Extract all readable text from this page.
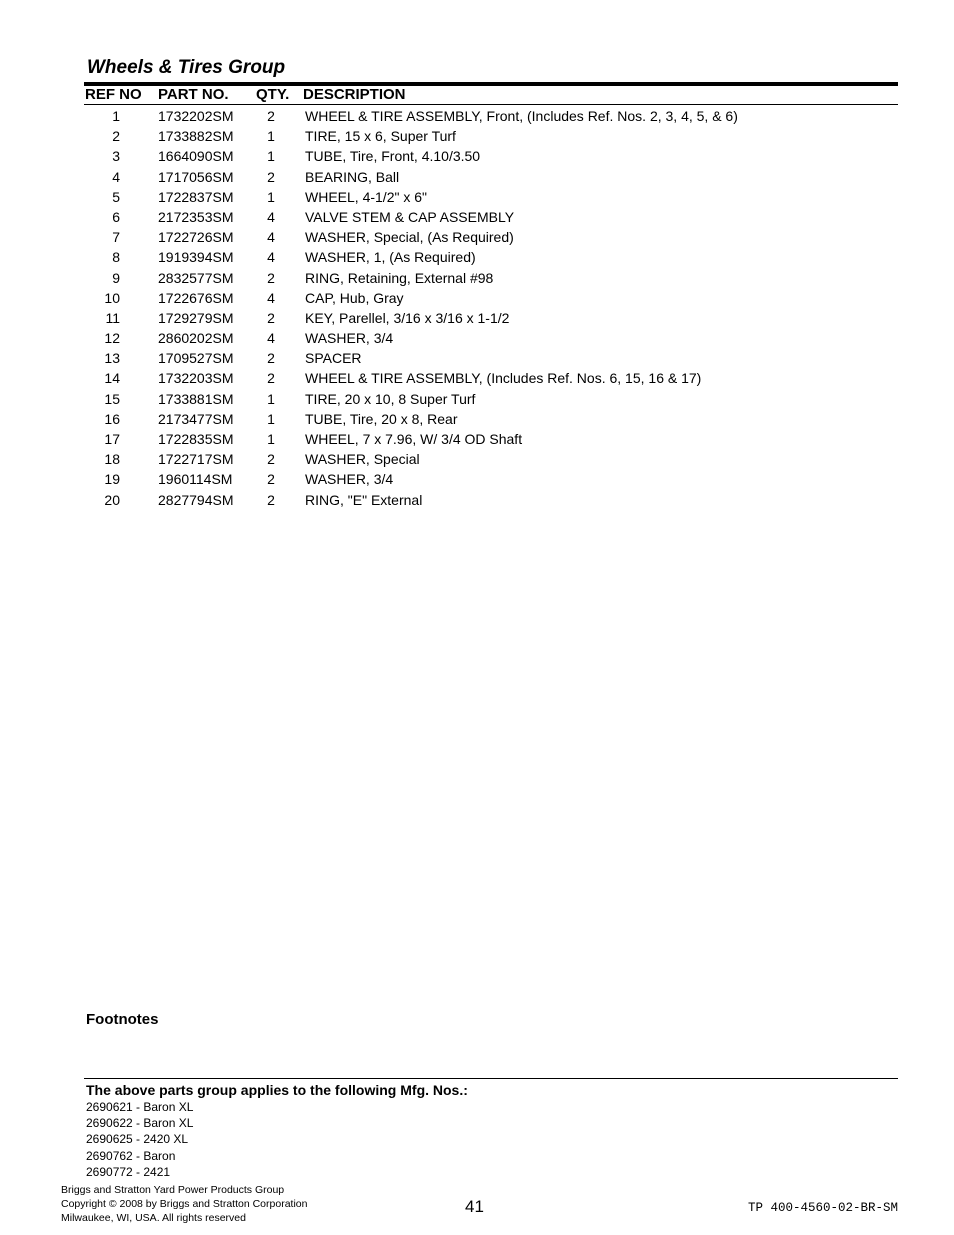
Wheels & Tires Group
REF NO PART NO. QTY. DESCRIPTION
1	1732202SM 2 WHEEL & TIRE ASSEMBLY, Front, (Includes Ref. Nos. 2, 3, 4, 5, & 6)
2	1733882SM 1 TIRE, 15 x 6, Super Turf
3	1664090SM 1 TUBE, Tire, Front, 4.10/3.50
4	1717056SM 2 BEARING, Ball
5	1722837SM 1 WHEEL, 4-1/2" x 6"
6	2172353SM 4 VALVE STEM & CAP ASSEMBLY
7	1722726SM 4 WASHER, Special, (As Required)
8	1919394SM 4 WASHER, 1, (As Required)
9	2832577SM 2 RING, Retaining, External #98
10	1722676SM 4 CAP, Hub, Gray
11	1729279SM 2 KEY, Parellel, 3/16 x 3/16 x 1-1/2
12	2860202SM 4 WASHER, 3/4
13	1709527SM 2 SPACER
14	1732203SM 2 WHEEL & TIRE ASSEMBLY, (Includes Ref. Nos. 6, 15, 16 & 17)
15	1733881SM 1 TIRE, 20 x 10, 8 Super Turf
16	2173477SM 1 TUBE, Tire, 20 x 8, Rear
17	1722835SM 1 WHEEL, 7 x 7.96, W/ 3/4 OD Shaft
18	1722717SM 2 WASHER, Special
19	1960114SM 2 WASHER, 3/4
20	2827794SM 2 RING, "E" External
Footnotes
The above parts group applies to the following Mfg. Nos.:
2690621 - Baron XL
2690622 - Baron XL
2690625 - 2420 XL
2690762 - Baron
2690772 - 2421
Briggs and Stratton Yard Power Products Group
Copyright © 2008 by Briggs and Stratton Corporation
Milwaukee, WI, USA. All rights reserved
41	TP 400-4560-02-BR-SM
